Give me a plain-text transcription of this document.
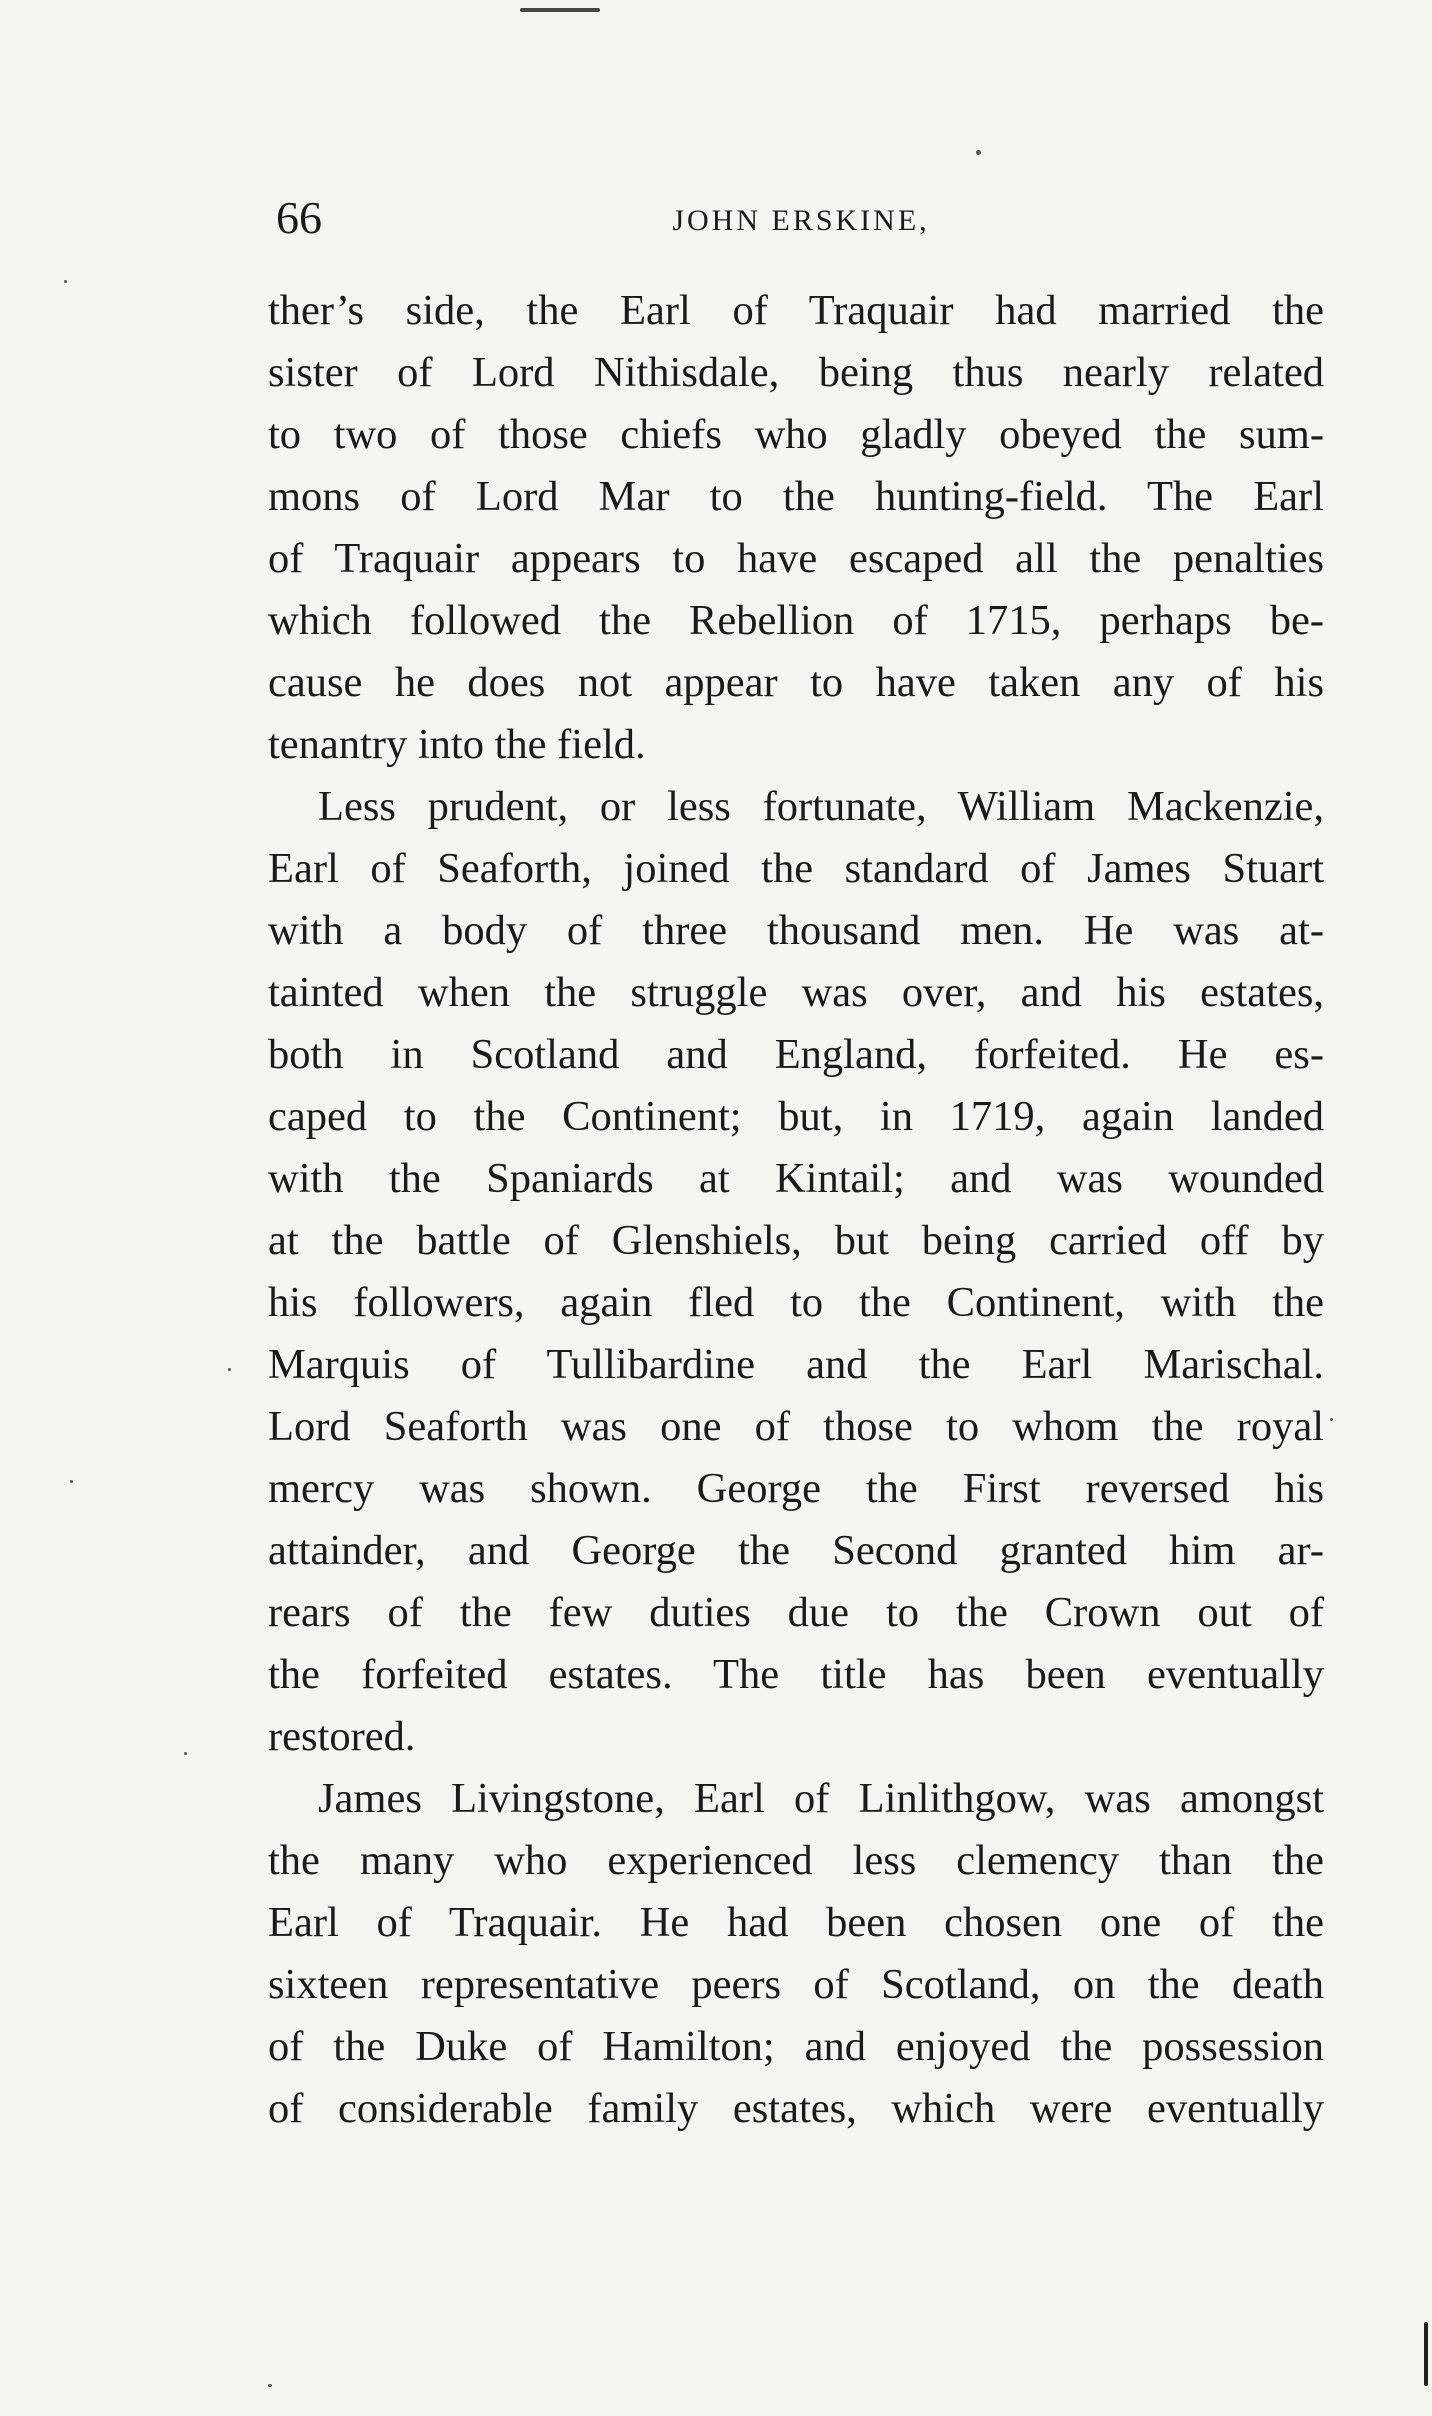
66	JOHN ERSKINE,
ther’s side, the Earl of Traquair had married the
sister of Lord Nithisdale, being thus nearly related
to two of those chiefs who gladly obeyed the sum-
mons of Lord Mar to the hunting-field. The Earl
of Traquair appears to have escaped all the penalties
which followed the Rebellion of 1715, perhaps be-
cause he does not appear to have taken any of his
tenantry into the field.
Less prudent, or less fortunate, William Mackenzie,
Earl of Seaforth, joined the standard of James Stuart
with a body of three thousand men. He was at-
tainted when the struggle was over, and his estates,
both in Scotland and England, forfeited. He es-
caped to the Continent; but, in 1719, again landed
with the Spaniards at Kintail; and was wounded
at the battle of Glenshiels, but being carried off by
his followers, again fled to the Continent, with the
Marquis of Tullibardine and the Earl Marischal.
Lord Seaforth was one of those to whom the royal
mercy was shown. George the First reversed his
attainder, and George the Second granted him ar-
rears of the few duties due to the Crown out of
the forfeited estates. The title has been eventually
restored.
James Livingstone, Earl of Linlithgow, was amongst
the many who experienced less clemency than the
Earl of Traquair. He had been chosen one of the
sixteen representative peers of Scotland, on the death
of the Duke of Hamilton; and enjoyed the possession
of considerable family estates, which were eventually
